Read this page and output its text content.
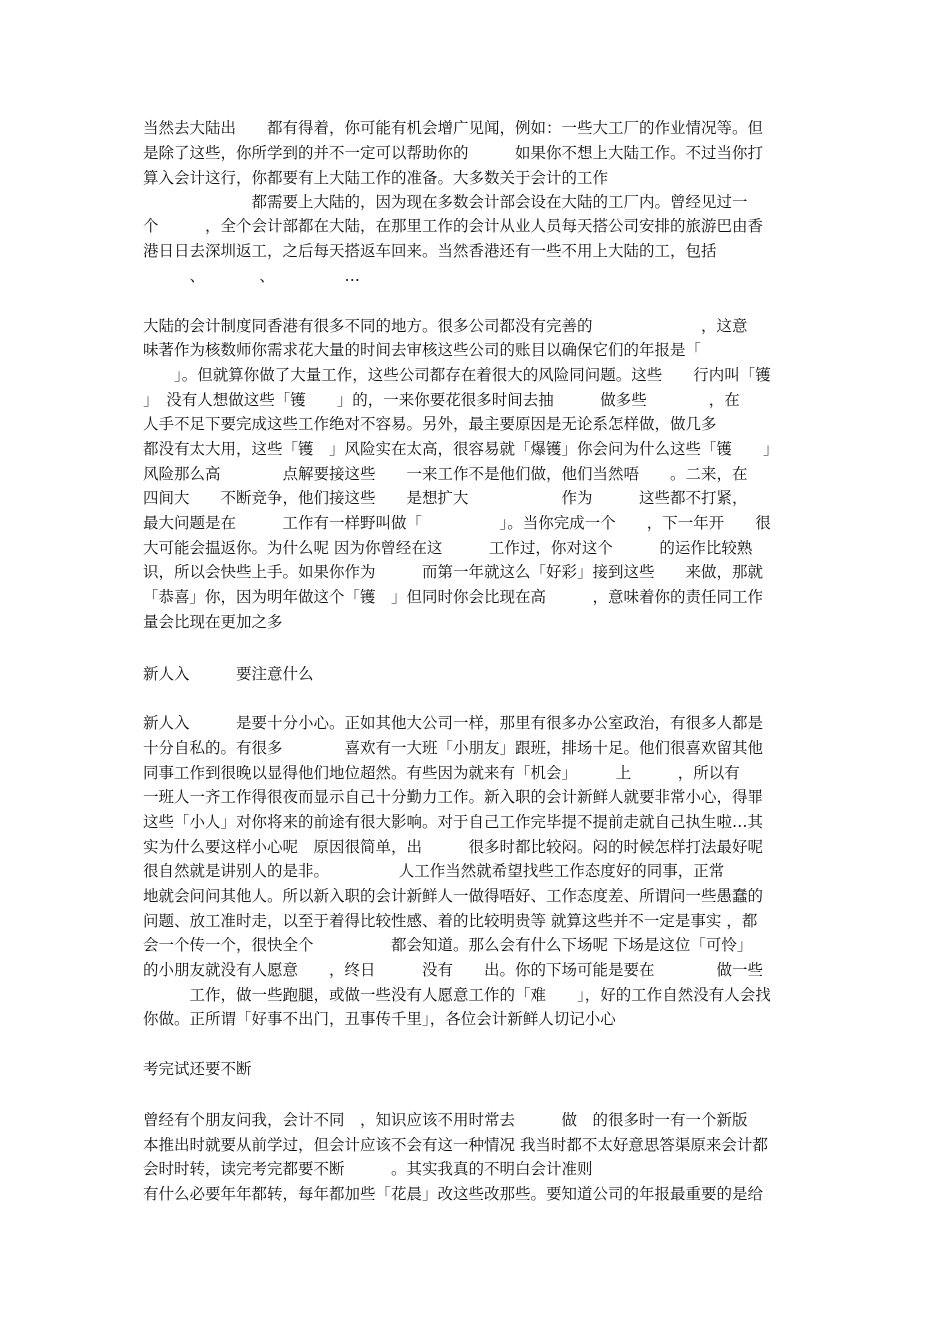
当然去大陆出　　都有得着，你可能有机会增广见闻，例如：一些大工厂的作业情况等。但
是除了这些，你所学到的并不一定可以帮助你的　　　如果你不想上大陆工作。不过当你打
算入会计这行，你都要有上大陆工作的准备。大多数关于会计的工作
　　　　　　　都需要上大陆的，因为现在多数会计部会设在大陆的工厂内。曾经见过一
个　　　，全个会计部都在大陆，在那里工作的会计从业人员每天搭公司安排的旅游巴由香
港日日去深圳返工，之后每天搭返车回来。当然香港还有一些不用上大陆的工，包括
　　　、　　　　、　　　　　…
大陆的会计制度同香港有很多不同的地方。很多公司都没有完善的　　　　　　　，这意
味著作为核数师你需求花大量的时间去审核这些公司的账目以确保它们的年报是「
　　」。但就算你做了大量工作，这些公司都存在着很大的风险同问题。这些　　行内叫「镬
」　没有人想做这些「镬　　」的，一来你要花很多时间去抽　　　做多些　　　　，在
人手不足下要完成这些工作绝对不容易。另外，最主要原因是无论系怎样做，做几多
都没有太大用，这些「镬　」风险实在太高，很容易就「爆镬」你会问为什么这些「镬　　」
风险那么高　　　　点解要接这些　　一来工作不是他们做，他们当然唔　　。二来，在
四间大　　不断竞争，他们接这些　　是想扩大　　　　　　作为　　　这些都不打紧，
最大问题是在　　　工作有一样野叫做「　　　　　」。当你完成一个　　，下一年开　　很
大可能会揾返你。为什么呢 因为你曾经在这　　　工作过，你对这个　　　的运作比较熟
识，所以会快些上手。如果你作为　　　而第一年就这么「好彩」接到这些　　来做，那就
「恭喜」你，因为明年做这个「镬　」但同时你会比现在高　　　，意味着你的责任同工作
量会比现在更加之多
新人入　　　要注意什么
新人入　　　是要十分小心。正如其他大公司一样，那里有很多办公室政治，有很多人都是
十分自私的。有很多　　　　喜欢有一大班「小朋友」跟班，排场十足。他们很喜欢留其他
同事工作到很晚以显得他们地位超然。有些因为就来有「机会」　　　上　　　，所以有
一班人一齐工作得很夜而显示自己十分勤力工作。新入职的会计新鲜人就要非常小心，得罪
这些「小人」对你将来的前途有很大影响。对于自己工作完毕提不提前走就自己执生啦…其
实为什么要这样小心呢　原因很简单，出　　　很多时都比较闷。闷的时候怎样打法最好呢
很自然就是讲别人的是非。　　　　　人工作当然就希望找些工作态度好的同事，正常
地就会问问其他人。所以新入职的会计新鲜人一做得唔好、工作态度差、所谓问一些愚蠢的
问题、放工准时走，以至于着得比较性感、着的比较明贵等 就算这些并不一定是事实 ，都
会一个传一个，很快全个　　　　　都会知道。那么会有什么下场呢 下场是这位「可怜」
的小朋友就没有人愿意　　，终日　　　没有　　出。你的下场可能是要在　　　　做一些
　　　工作，做一些跑腿，或做一些没有人愿意工作的「难　　」，好的工作自然没有人会找
你做。正所谓「好事不出门，丑事传千里」，各位会计新鲜人切记小心
考完试还要不断
曾经有个朋友问我，会计不同　，知识应该不用时常去　　　做　的很多时一有一个新版
本推出时就要从前学过，但会计应该不会有这一种情况 我当时都不太好意思答渠原来会计都
会时时转，读完考完都要不断　　　。其实我真的不明白会计准则
有什么必要年年都转，每年都加些「花晨」改这些改那些。要知道公司的年报最重要的是给
